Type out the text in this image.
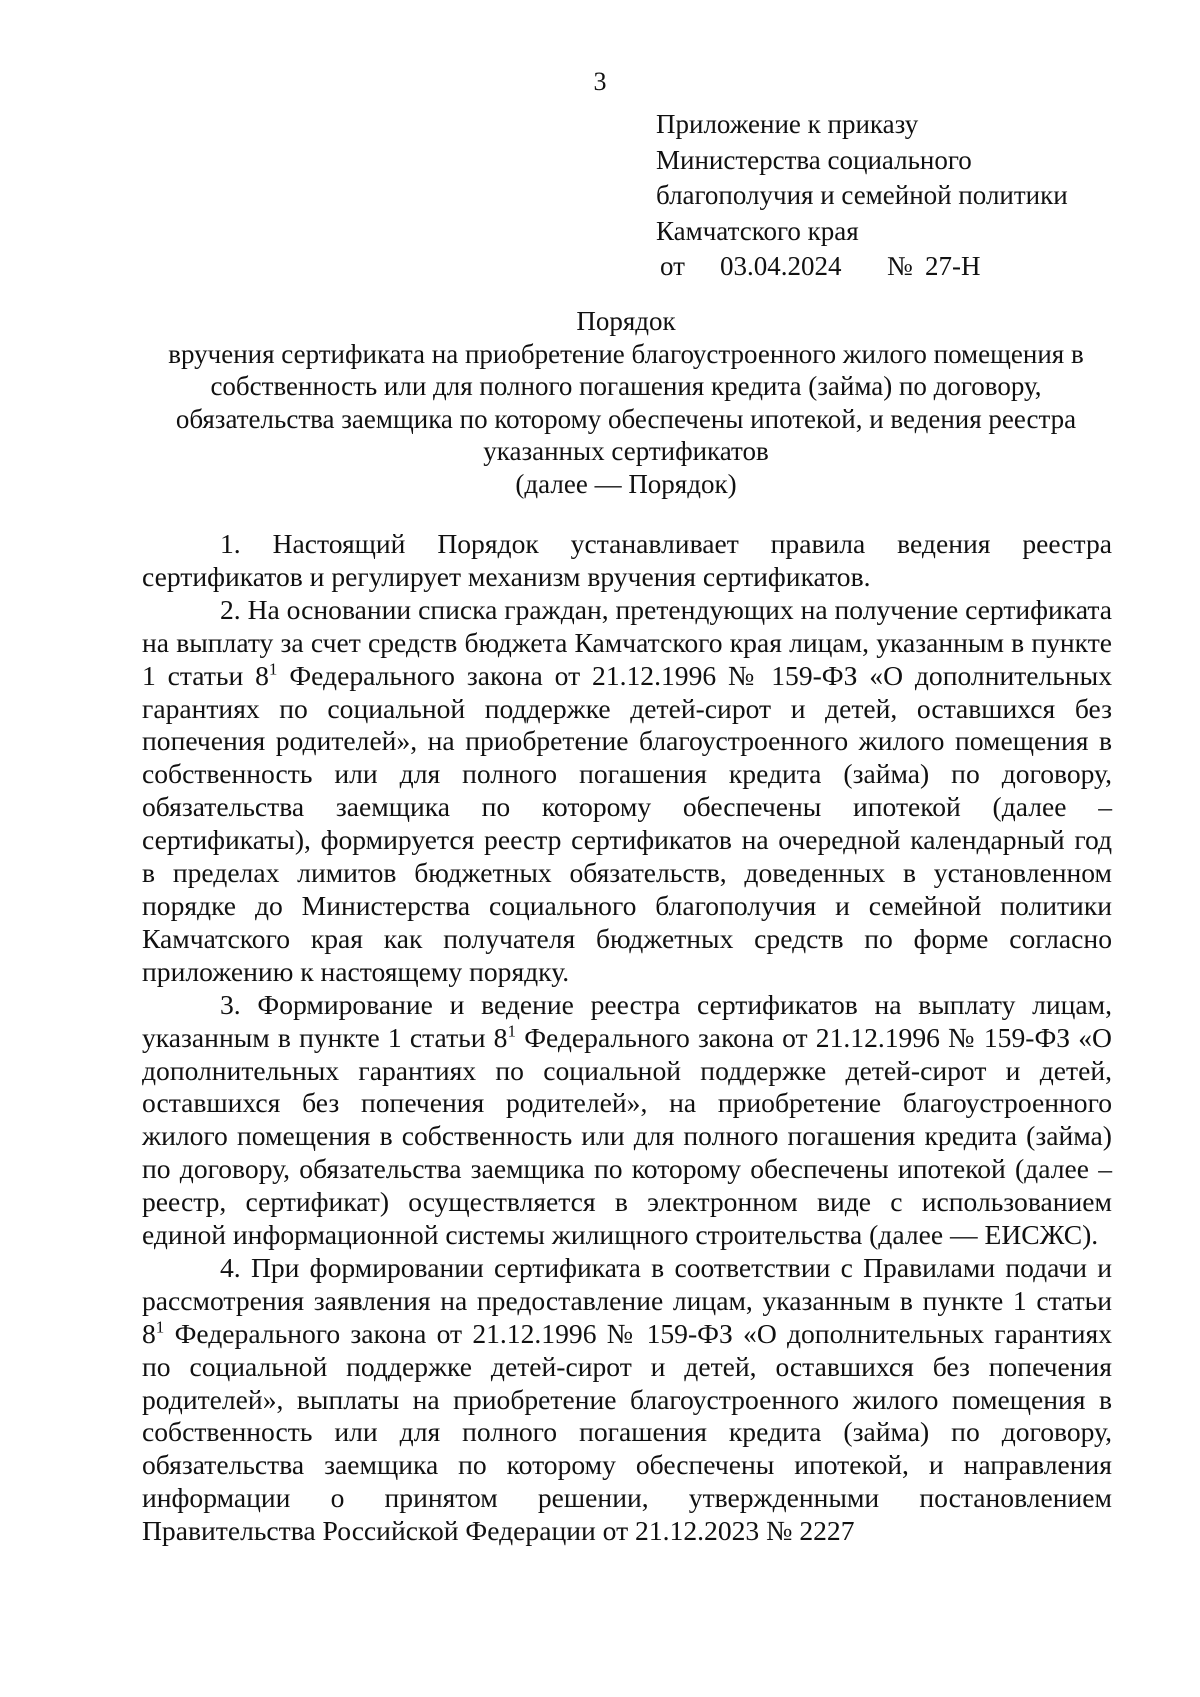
3
Приложение к приказу
Министерства социального
благополучия и семейной политики
Камчатского края
от 03.04.2024 № 27-Н
Порядок
вручения сертификата на приобретение благоустроенного жилого помещения в
собственность или для полного погашения кредита (займа) по договору,
обязательства заемщика по которому обеспечены ипотекой, и ведения реестра
указанных сертификатов
(далее — Порядок)

1. Настоящий Порядок устанавливает правила ведения реестра сертификатов и регулирует механизм вручения сертификатов.

2. На основании списка граждан, претендующих на получение сертификата на выплату за счет средств бюджета Камчатского края лицам, указанным в пункте 1 статьи $8^1$ Федерального закона от 21.12.1996 № 159-ФЗ «О дополнительных гарантиях по социальной поддержке детей-сирот и детей, оставшихся без попечения родителей», на приобретение благоустроенного жилого помещения в собственность или для полного погашения кредита (займа) по договору, обязательства заемщика по которому обеспечены ипотекой (далее – сертификаты), формируется реестр сертификатов на очередной календарный год в пределах лимитов бюджетных обязательств, доведенных в установленном порядке до Министерства социального благополучия и семейной политики Камчатского края как получателя бюджетных средств по форме согласно приложению к настоящему порядку.

3. Формирование и ведение реестра сертификатов на выплату лицам, указанным в пункте 1 статьи $8^1$ Федерального закона от 21.12.1996 № 159-ФЗ «О дополнительных гарантиях по социальной поддержке детей-сирот и детей, оставшихся без попечения родителей», на приобретение благоустроенного жилого помещения в собственность или для полного погашения кредита (займа) по договору, обязательства заемщика по которому обеспечены ипотекой (далее – реестр, сертификат) осуществляется в электронном виде с использованием единой информационной системы жилищного строительства (далее — ЕИСЖС).

4. При формировании сертификата в соответствии с Правилами подачи и рассмотрения заявления на предоставление лицам, указанным в пункте 1 статьи $8^1$ Федерального закона от 21.12.1996 № 159-ФЗ «О дополнительных гарантиях по социальной поддержке детей-сирот и детей, оставшихся без попечения родителей», выплаты на приобретение благоустроенного жилого помещения в собственность или для полного погашения кредита (займа) по договору, обязательства заемщика по которому обеспечены ипотекой, и направления информации о принятом решении, утвержденными постановлением Правительства Российской Федерации от 21.12.2023 № 2227
